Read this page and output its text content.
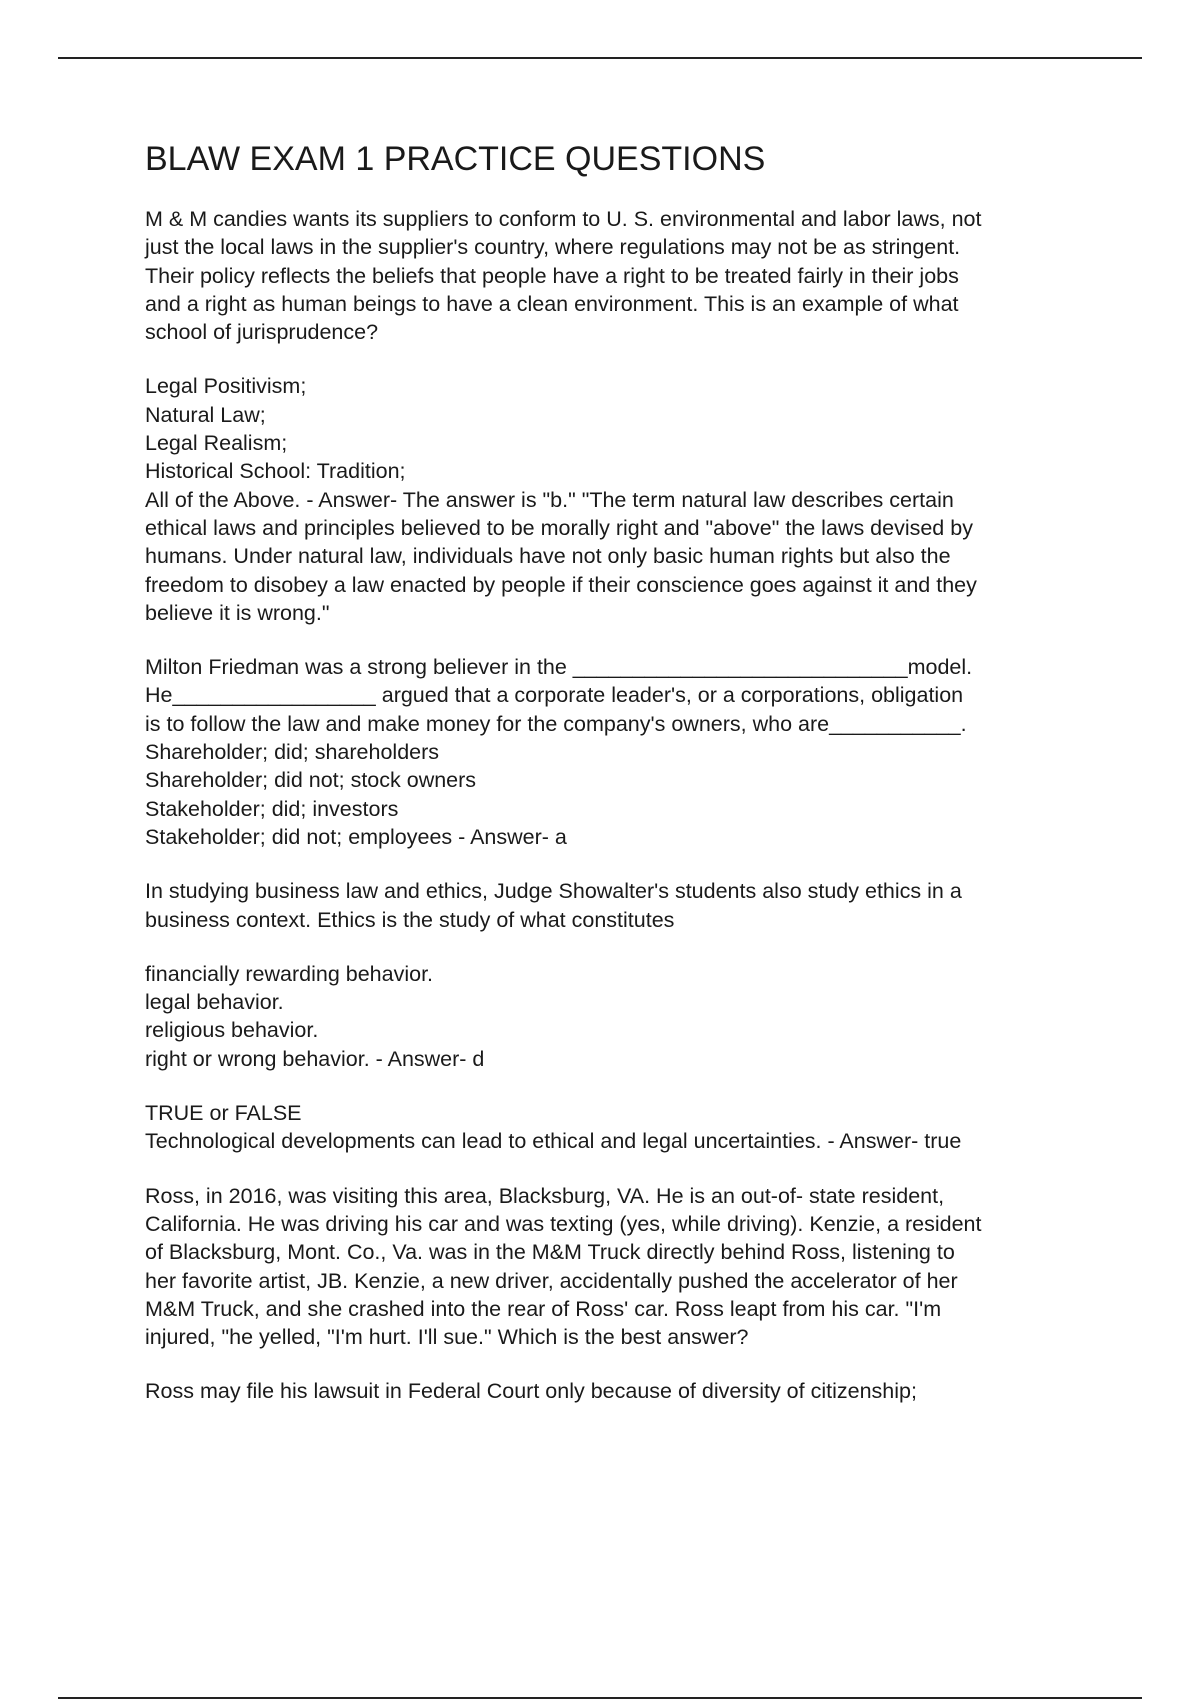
BLAW EXAM 1 PRACTICE QUESTIONS
M & M candies wants its suppliers to conform to U. S. environmental and labor laws, not
just the local laws in the supplier's country, where regulations may not be as stringent.
Their policy reflects the beliefs that people have a right to be treated fairly in their jobs
and a right as human beings to have a clean environment. This is an example of what
school of jurisprudence?
Legal Positivism;
Natural Law;
Legal Realism;
Historical School: Tradition;
All of the Above. - Answer- The answer is "b." "The term natural law describes certain
ethical laws and principles believed to be morally right and "above" the laws devised by
humans. Under natural law, individuals have not only basic human rights but also the
freedom to disobey a law enacted by people if their conscience goes against it and they
believe it is wrong."
Milton Friedman was a strong believer in the ____________________________model.
He_________________ argued that a corporate leader's, or a corporations, obligation
is to follow the law and make money for the company's owners, who are___________.
Shareholder; did; shareholders
Shareholder; did not; stock owners
Stakeholder; did; investors
Stakeholder; did not; employees - Answer- a
In studying business law and ethics, Judge Showalter's students also study ethics in a
business context. Ethics is the study of what constitutes
financially rewarding behavior.
legal behavior.
religious behavior.
right or wrong behavior. - Answer- d
TRUE or FALSE
Technological developments can lead to ethical and legal uncertainties. - Answer- true
Ross, in 2016, was visiting this area, Blacksburg, VA. He is an out-of- state resident,
California. He was driving his car and was texting (yes, while driving). Kenzie, a resident
of Blacksburg, Mont. Co., Va. was in the M&M Truck directly behind Ross, listening to
her favorite artist, JB. Kenzie, a new driver, accidentally pushed the accelerator of her
M&M Truck, and she crashed into the rear of Ross' car. Ross leapt from his car. "I'm
injured, "he yelled, "I'm hurt. I'll sue." Which is the best answer?
Ross may file his lawsuit in Federal Court only because of diversity of citizenship;
